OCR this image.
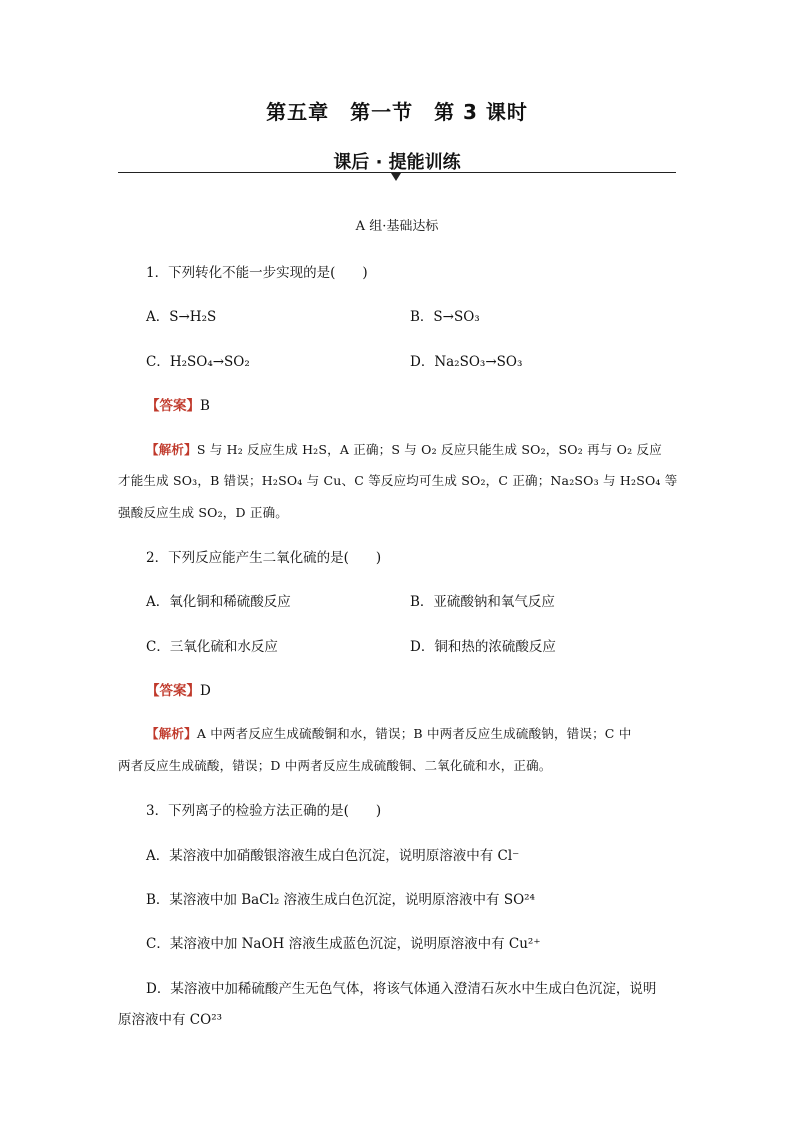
第五章　第一节　第 3 课时
课后 · 提能训练
A 组·基础达标
1．下列转化不能一步实现的是(　　)
A．S→H₂S	B．S→SO₃
C．H₂SO₄→SO₂	D．Na₂SO₃→SO₃
【答案】B
【解析】S 与 H₂ 反应生成 H₂S，A 正确；S 与 O₂ 反应只能生成 SO₂，SO₂ 再与 O₂ 反应
才能生成 SO₃，B 错误；H₂SO₄ 与 Cu、C 等反应均可生成 SO₂，C 正确；Na₂SO₃ 与 H₂SO₄ 等
强酸反应生成 SO₂，D 正确。
2．下列反应能产生二氧化硫的是(　　)
A．氧化铜和稀硫酸反应	B．亚硫酸钠和氧气反应
C．三氧化硫和水反应	D．铜和热的浓硫酸反应
【答案】D
【解析】A 中两者反应生成硫酸铜和水，错误；B 中两者反应生成硫酸钠，错误；C 中
两者反应生成硫酸，错误；D 中两者反应生成硫酸铜、二氧化硫和水，正确。
3．下列离子的检验方法正确的是(　　)
A．某溶液中加硝酸银溶液生成白色沉淀，说明原溶液中有 Cl⁻
B．某溶液中加 BaCl₂ 溶液生成白色沉淀，说明原溶液中有 SO²⁴
C．某溶液中加 NaOH 溶液生成蓝色沉淀，说明原溶液中有 Cu²⁺
D．某溶液中加稀硫酸产生无色气体，将该气体通入澄清石灰水中生成白色沉淀，说明
原溶液中有 CO²³
